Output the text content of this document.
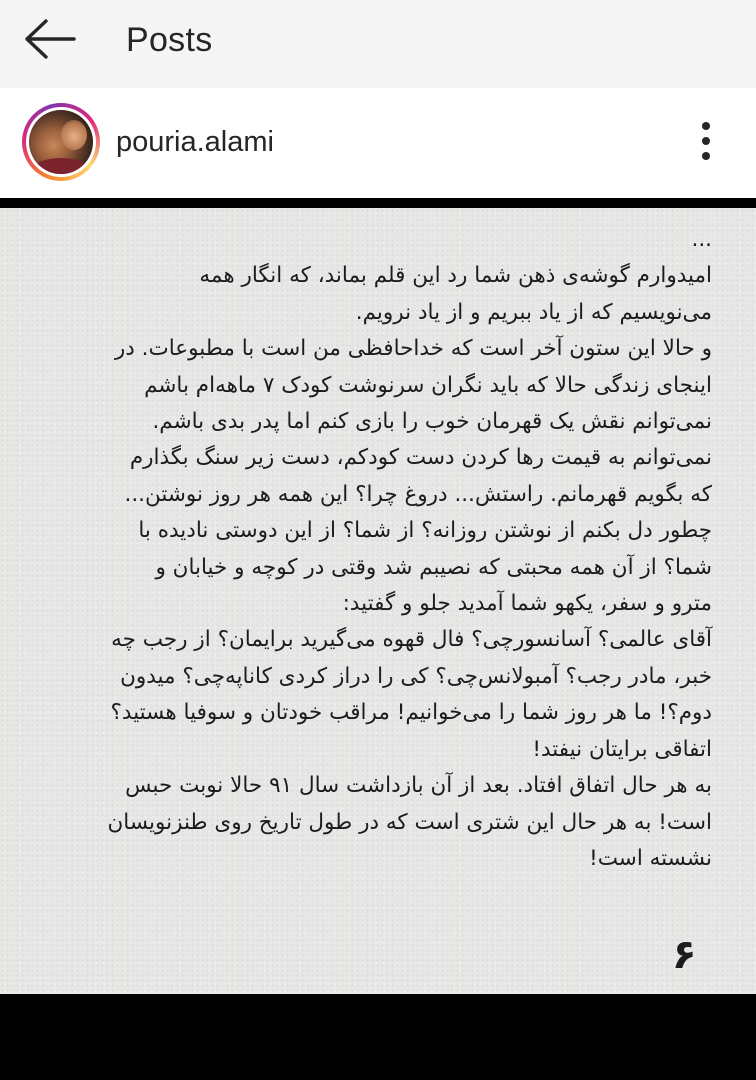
Posts
pouria.alami
...
امیدوارم گوشه‌ی ذهن شما رد این قلم بماند، که انگار همه
می‌نویسیم که از یاد ببریم و از یاد نرویم.
و حالا این ستون آخر است که خداحافظی من است با مطبوعات. در
اینجای زندگی حالا که باید نگران سرنوشت کودک ۷ ماهه‌ام باشم
نمی‌توانم نقش یک قهرمان خوب را بازی کنم اما پدر بدی باشم.
نمی‌توانم به قیمت رها کردن دست کودکم، دست زیر سنگ بگذارم
که بگویم قهرمانم. راستش... دروغ چرا؟ این همه هر روز نوشتن...
چطور دل بکنم از نوشتن روزانه؟ از شما؟ از این دوستی نادیده با
شما؟ از آن همه محبتی که نصیبم شد وقتی در کوچه و خیابان و
مترو و سفر، یکهو شما آمدید جلو و گفتید:
آقای عالمی؟ آسانسورچی؟ فال قهوه می‌گیرید برایمان؟ از رجب چه
خبر، مادر رجب؟ آمبولانس‌چی؟ کی را دراز کردی کاناپه‌چی؟ میدون
دوم؟! ما هر روز شما را می‌خوانیم! مراقب خودتان و سوفیا هستید؟
اتفاقی برایتان نیفتد!
به هر حال اتفاق افتاد. بعد از آن بازداشت سال ۹۱ حالا نوبت حبس
است! به هر حال این شتری است که در طول تاریخ روی طنزنویسان
نشسته است!
۶
